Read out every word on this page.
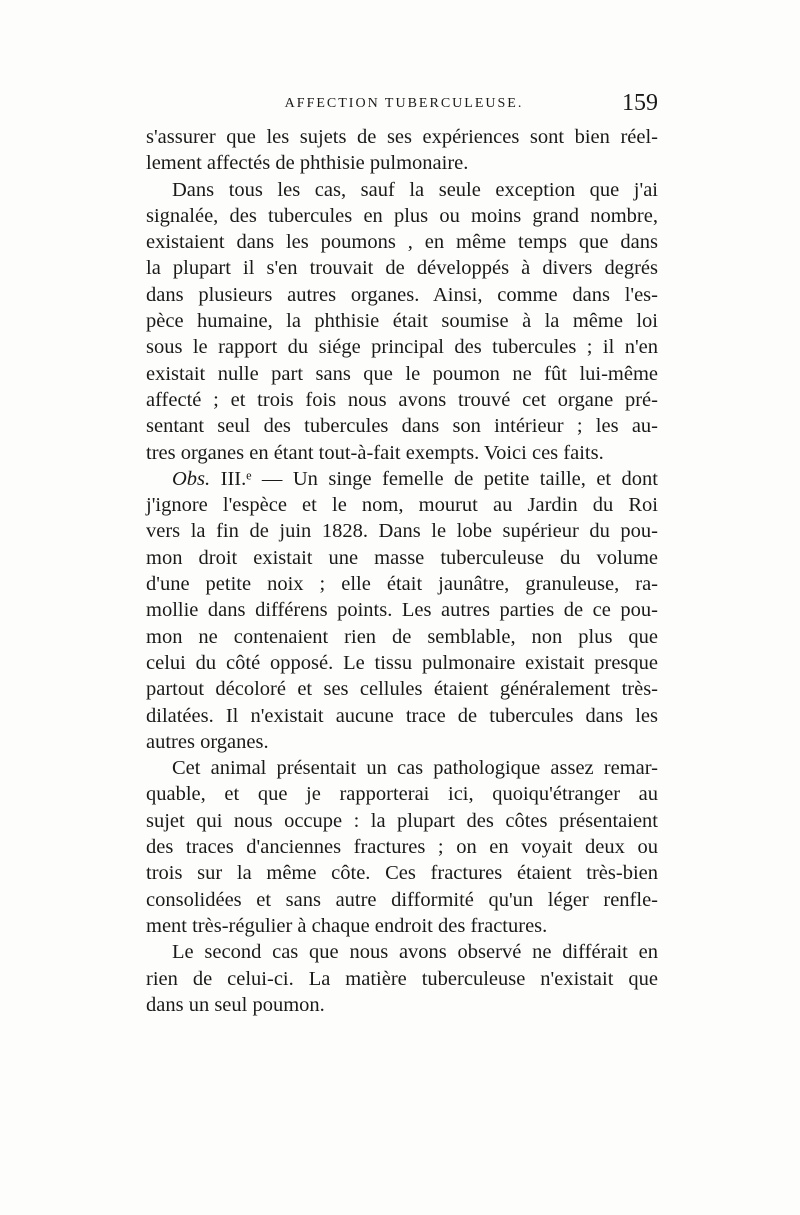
AFFECTION TUBERCULEUSE.	159
s'assurer que les sujets de ses expériences sont bien réel-
lement affectés de phthisie pulmonaire.
Dans tous les cas, sauf la seule exception que j'ai
signalée, des tubercules en plus ou moins grand nombre,
existaient dans les poumons , en même temps que dans
la plupart il s'en trouvait de développés à divers degrés
dans plusieurs autres organes. Ainsi, comme dans l'es-
pèce humaine, la phthisie était soumise à la même loi
sous le rapport du siége principal des tubercules ; il n'en
existait nulle part sans que le poumon ne fût lui-même
affecté ; et trois fois nous avons trouvé cet organe pré-
sentant seul des tubercules dans son intérieur ; les au-
tres organes en étant tout-à-fait exempts. Voici ces faits.
Obs. III.ᵉ — Un singe femelle de petite taille, et dont
j'ignore l'espèce et le nom, mourut au Jardin du Roi
vers la fin de juin 1828. Dans le lobe supérieur du pou-
mon droit existait une masse tuberculeuse du volume
d'une petite noix ; elle était jaunâtre, granuleuse, ra-
mollie dans différens points. Les autres parties de ce pou-
mon ne contenaient rien de semblable, non plus que
celui du côté opposé. Le tissu pulmonaire existait presque
partout décoloré et ses cellules étaient généralement très-
dilatées. Il n'existait aucune trace de tubercules dans les
autres organes.
Cet animal présentait un cas pathologique assez remar-
quable, et que je rapporterai ici, quoiqu'étranger au
sujet qui nous occupe : la plupart des côtes présentaient
des traces d'anciennes fractures ; on en voyait deux ou
trois sur la même côte. Ces fractures étaient très-bien
consolidées et sans autre difformité qu'un léger renfle-
ment très-régulier à chaque endroit des fractures.
Le second cas que nous avons observé ne différait en
rien de celui-ci. La matière tuberculeuse n'existait que
dans un seul poumon.
